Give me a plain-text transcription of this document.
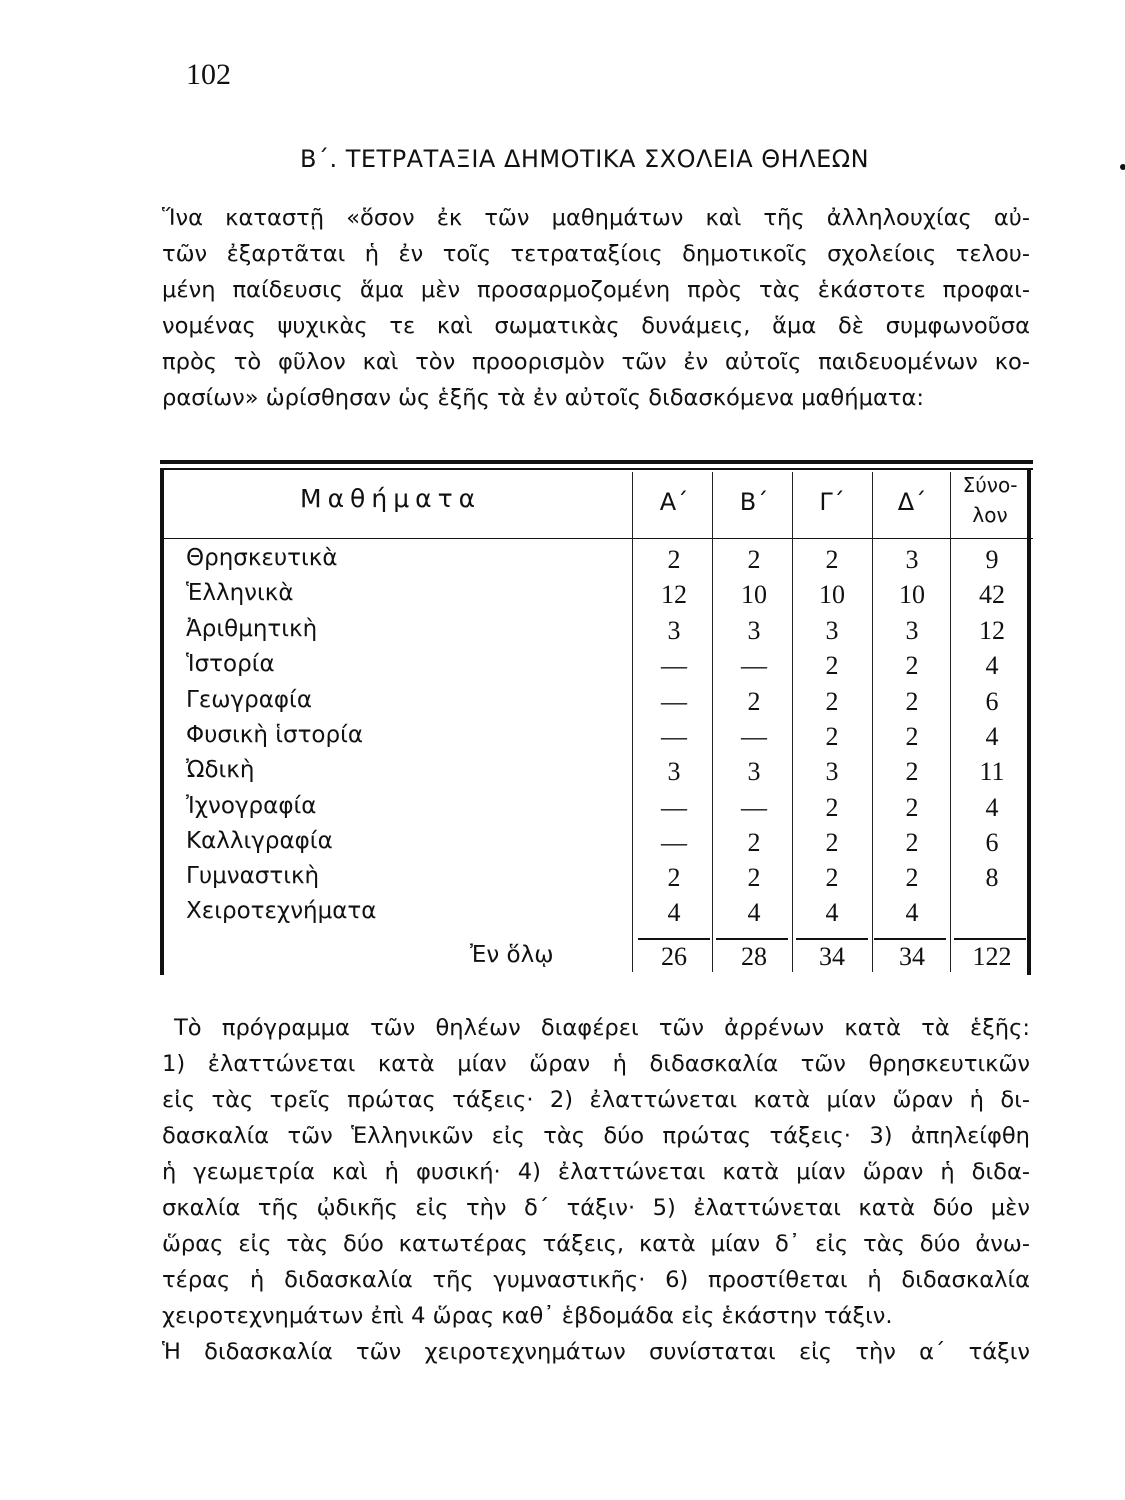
102
Β΄. ΤΕΤΡΑΤΑΞΙΑ ΔΗΜΟΤΙΚΑ ΣΧΟΛΕΙΑ ΘΗΛΕΩΝ
Ἵνα καταστῇ «ὅσον ἐκ τῶν μαθημάτων καὶ τῆς ἀλληλουχίας αὐ-
τῶν ἐξαρτᾶται ἡ ἐν τοῖς τετραταξίοις δημοτικοῖς σχολείοις τελου-
μένη παίδευσις ἅμα μὲν προσαρμοζομένη πρὸς τὰς ἑκάστοτε προφαι-
νομένας ψυχικὰς τε καὶ σωματικὰς δυνάμεις, ἅμα δὲ συμφωνοῦσα
πρὸς τὸ φῦλον καὶ τὸν προορισμὸν τῶν ἐν αὐτοῖς παιδευομένων κο-
ρασίων» ὡρίσθησαν ὡς ἑξῆς τὰ ἐν αὐτοῖς διδασκόμενα μαθήματα:
Μαθήματα	Α΄	Β΄	Γ΄	Δ΄
Σύνο-
λον
Θρησκευτικὰ	2	2	2	3	9
Ἑλληνικὰ	12	10	10	10	42
Ἀριθμητικὴ	3	3	3	3	12
Ἱστορία	—	—	2	2	4
Γεωγραφία	—	2	2	2	6
Φυσικὴ ἱστορία	—	—	2	2	4
Ὠδικὴ	3	3	3	2	11
Ἰχνογραφία	—	—	2	2	4
Καλλιγραφία	—	2	2	2	6
Γυμναστικὴ	2	2	2	2	8
Χειροτεχνήματα	4	4	4	4
Ἐν ὅλῳ	26	28	34	34	122
Τὸ πρόγραμμα τῶν θηλέων διαφέρει τῶν ἀρρένων κατὰ τὰ ἑξῆς:
1) ἐλαττώνεται κατὰ μίαν ὥραν ἡ διδασκαλία τῶν θρησκευτικῶν
εἰς τὰς τρεῖς πρώτας τάξεις· 2) ἐλαττώνεται κατὰ μίαν ὥραν ἡ δι-
δασκαλία τῶν Ἑλληνικῶν εἰς τὰς δύο πρώτας τάξεις· 3) ἀπηλείφθη
ἡ γεωμετρία καὶ ἡ φυσική· 4) ἐλαττώνεται κατὰ μίαν ὥραν ἡ διδα-
σκαλία τῆς ᾠδικῆς εἰς τὴν δ΄ τάξιν· 5) ἐλαττώνεται κατὰ δύο μὲν
ὥρας εἰς τὰς δύο κατωτέρας τάξεις, κατὰ μίαν δ᾽ εἰς τὰς δύο ἀνω-
τέρας ἡ διδασκαλία τῆς γυμναστικῆς· 6) προστίθεται ἡ διδασκαλία
χειροτεχνημάτων ἐπὶ 4 ὥρας καθ᾽ ἑβδομάδα εἰς ἑκάστην τάξιν.
Ἡ διδασκαλία τῶν χειροτεχνημάτων συνίσταται εἰς τὴν α΄ τάξιν
